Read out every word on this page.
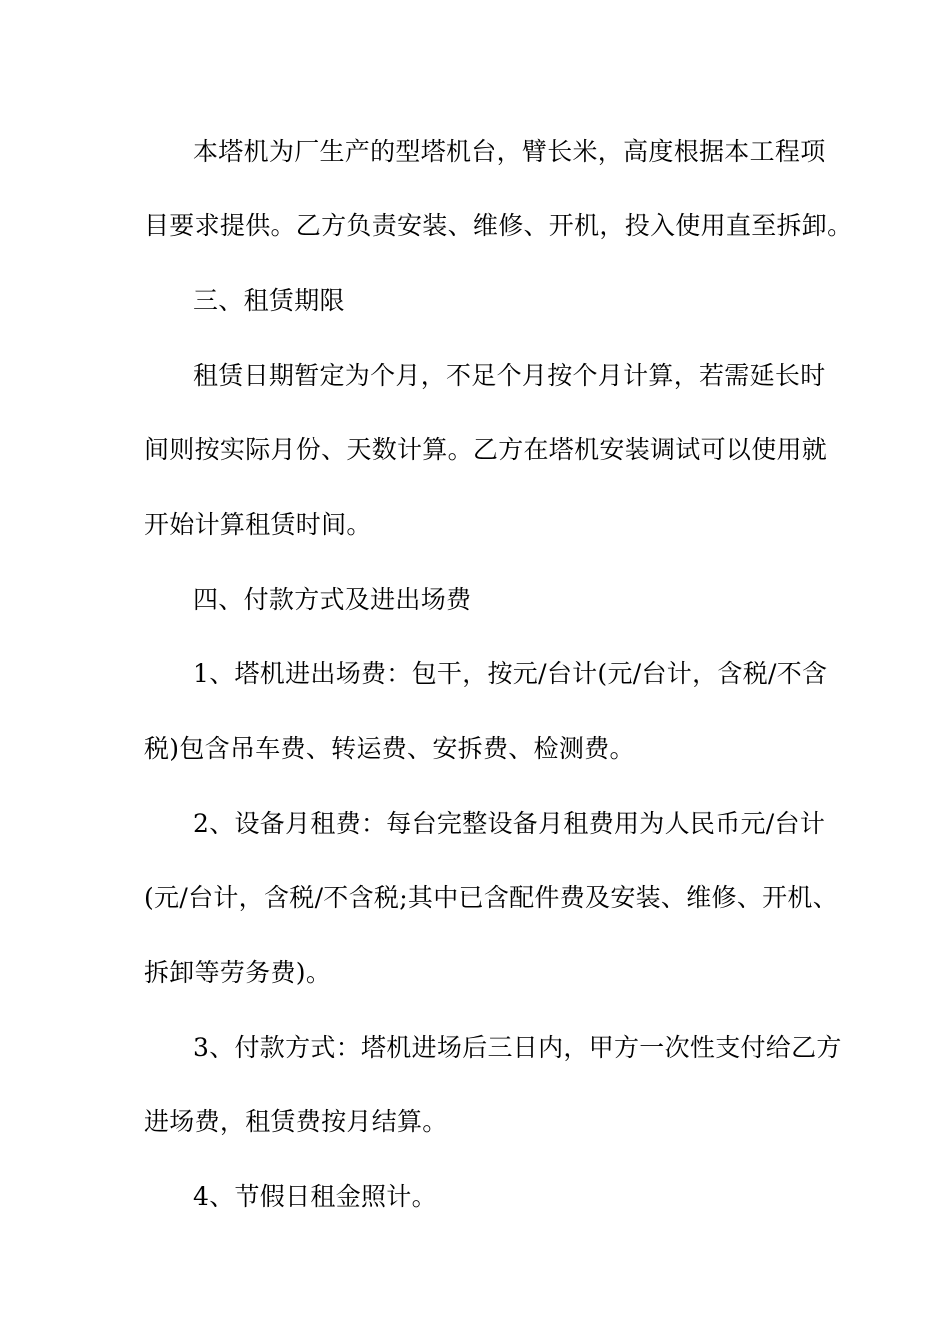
本塔机为厂生产的型塔机台，臂长米，高度根据本工程项
目要求提供。乙方负责安装、维修、开机，投入使用直至拆卸。
三、租赁期限
租赁日期暂定为个月，不足个月按个月计算，若需延长时
间则按实际月份、天数计算。乙方在塔机安装调试可以使用就
开始计算租赁时间。
四、付款方式及进出场费
1、塔机进出场费：包干，按元/台计(元/台计，含税/不含
税)包含吊车费、转运费、安拆费、检测费。
2、设备月租费：每台完整设备月租费用为人民币元/台计
(元/台计，含税/不含税;其中已含配件费及安装、维修、开机、
拆卸等劳务费)。
3、付款方式：塔机进场后三日内，甲方一次性支付给乙方
进场费，租赁费按月结算。
4、节假日租金照计。
